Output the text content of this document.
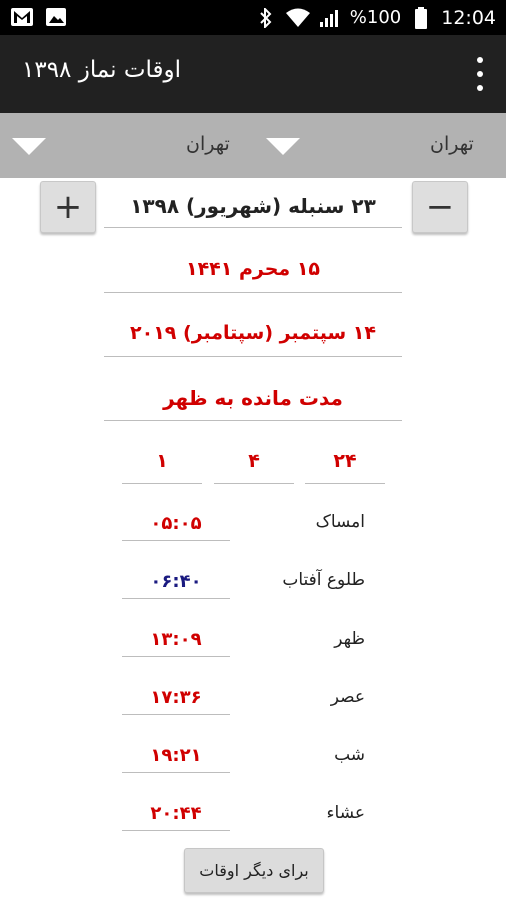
%100 12:04
اوقات نماز ۱۳۹۸
تهران	تهران
+	۲۳ سنبله (شهریور) ۱۳۹۸	−
۱۵ محرم ۱۴۴۱
۱۴ سپتمبر (سپتامبر) ۲۰۱۹
مدت مانده به ظهر
۱	۴	۲۴
امساک
۰۵:۰۵
طلوع آفتاب
۰۶:۴۰
ظهر
۱۳:۰۹
عصر
۱۷:۳۶
شب
۱۹:۲۱
عشاء
۲۰:۴۴
برای دیگر اوقات
